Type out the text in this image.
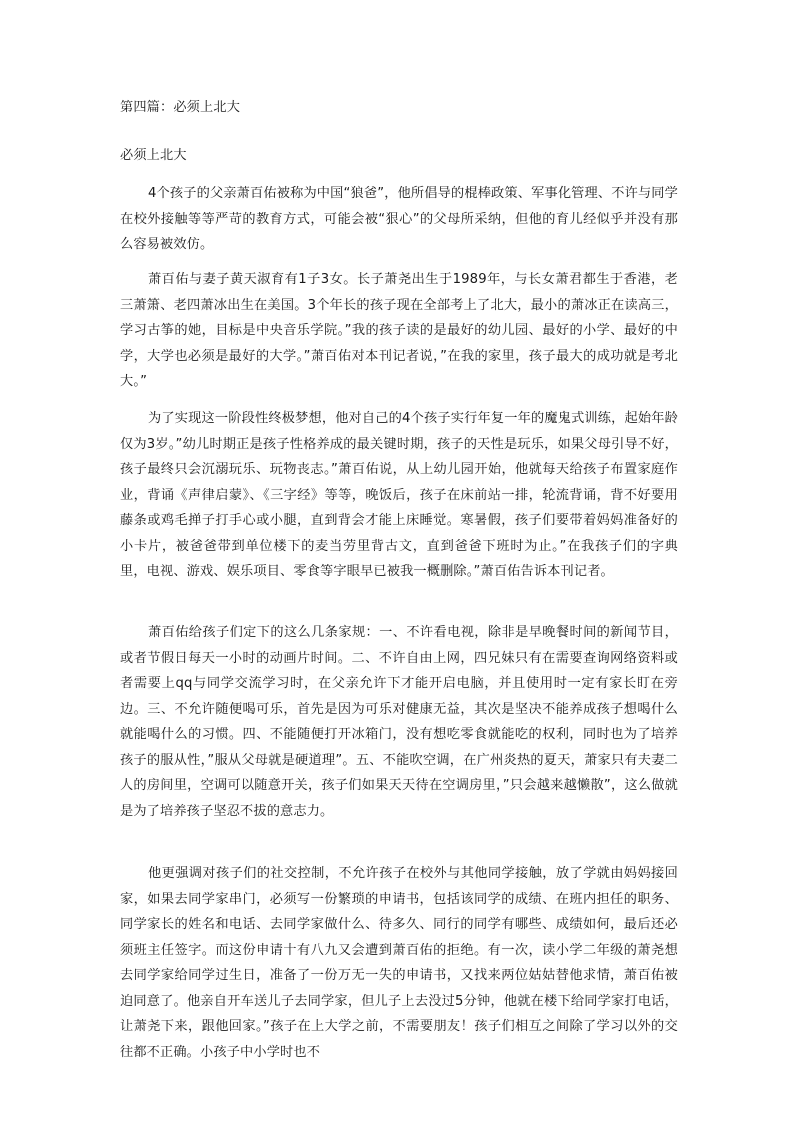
第四篇：必须上北大
必须上北大

4个孩子的父亲萧百佑被称为中国“狼爸”，他所倡导的棍棒政策、军事化管理、不许与同学在校外接触等等严苛的教育方式，可能会被“狠心”的父母所采纳，但他的育儿经似乎并没有那么容易被效仿。

萧百佑与妻子黄天淑育有1子3女。长子萧尧出生于1989年，与长女萧君都生于香港，老三萧箫、老四萧冰出生在美国。3个年长的孩子现在全部考上了北大，最小的萧冰正在读高三，学习古筝的她，目标是中央音乐学院。”我的孩子读的是最好的幼儿园、最好的小学、最好的中学，大学也必须是最好的大学。”萧百佑对本刊记者说，”在我的家里，孩子最大的成功就是考北大。”

为了实现这一阶段性终极梦想，他对自己的4个孩子实行年复一年的魔鬼式训练，起始年龄仅为3岁。”幼儿时期正是孩子性格养成的最关键时期，孩子的天性是玩乐，如果父母引导不好，孩子最终只会沉溺玩乐、玩物丧志。”萧百佑说，从上幼儿园开始，他就每天给孩子布置家庭作业，背诵《声律启蒙》、《三字经》等等，晚饭后，孩子在床前站一排，轮流背诵，背不好要用藤条或鸡毛掸子打手心或小腿，直到背会才能上床睡觉。寒暑假，孩子们要带着妈妈准备好的小卡片，被爸爸带到单位楼下的麦当劳里背古文，直到爸爸下班时为止。”在我孩子们的字典里，电视、游戏、娱乐项目、零食等字眼早已被我一概删除。”萧百佑告诉本刊记者。

萧百佑给孩子们定下的这么几条家规：一、不许看电视，除非是早晚餐时间的新闻节目，或者节假日每天一小时的动画片时间。二、不许自由上网，四兄妹只有在需要查询网络资料或者需要上qq与同学交流学习时，在父亲允许下才能开启电脑，并且使用时一定有家长盯在旁边。三、不允许随便喝可乐，首先是因为可乐对健康无益，其次是坚决不能养成孩子想喝什么就能喝什么的习惯。四、不能随便打开冰箱门，没有想吃零食就能吃的权利，同时也为了培养孩子的服从性，”服从父母就是硬道理”。五、不能吹空调，在广州炎热的夏天，萧家只有夫妻二人的房间里，空调可以随意开关，孩子们如果天天待在空调房里，”只会越来越懒散”，这么做就是为了培养孩子坚忍不拔的意志力。

他更强调对孩子们的社交控制，不允许孩子在校外与其他同学接触，放了学就由妈妈接回家，如果去同学家串门，必须写一份繁琐的申请书，包括该同学的成绩、在班内担任的职务、同学家长的姓名和电话、去同学家做什么、待多久、同行的同学有哪些、成绩如何，最后还必须班主任签字。而这份申请十有八九又会遭到萧百佑的拒绝。有一次，读小学二年级的萧尧想去同学家给同学过生日，准备了一份万无一失的申请书，又找来两位姑姑替他求情，萧百佑被迫同意了。他亲自开车送儿子去同学家，但儿子上去没过5分钟，他就在楼下给同学家打电话，让萧尧下来，跟他回家。”孩子在上大学之前，不需要朋友！孩子们相互之间除了学习以外的交往都不正确。小孩子中小学时也不
